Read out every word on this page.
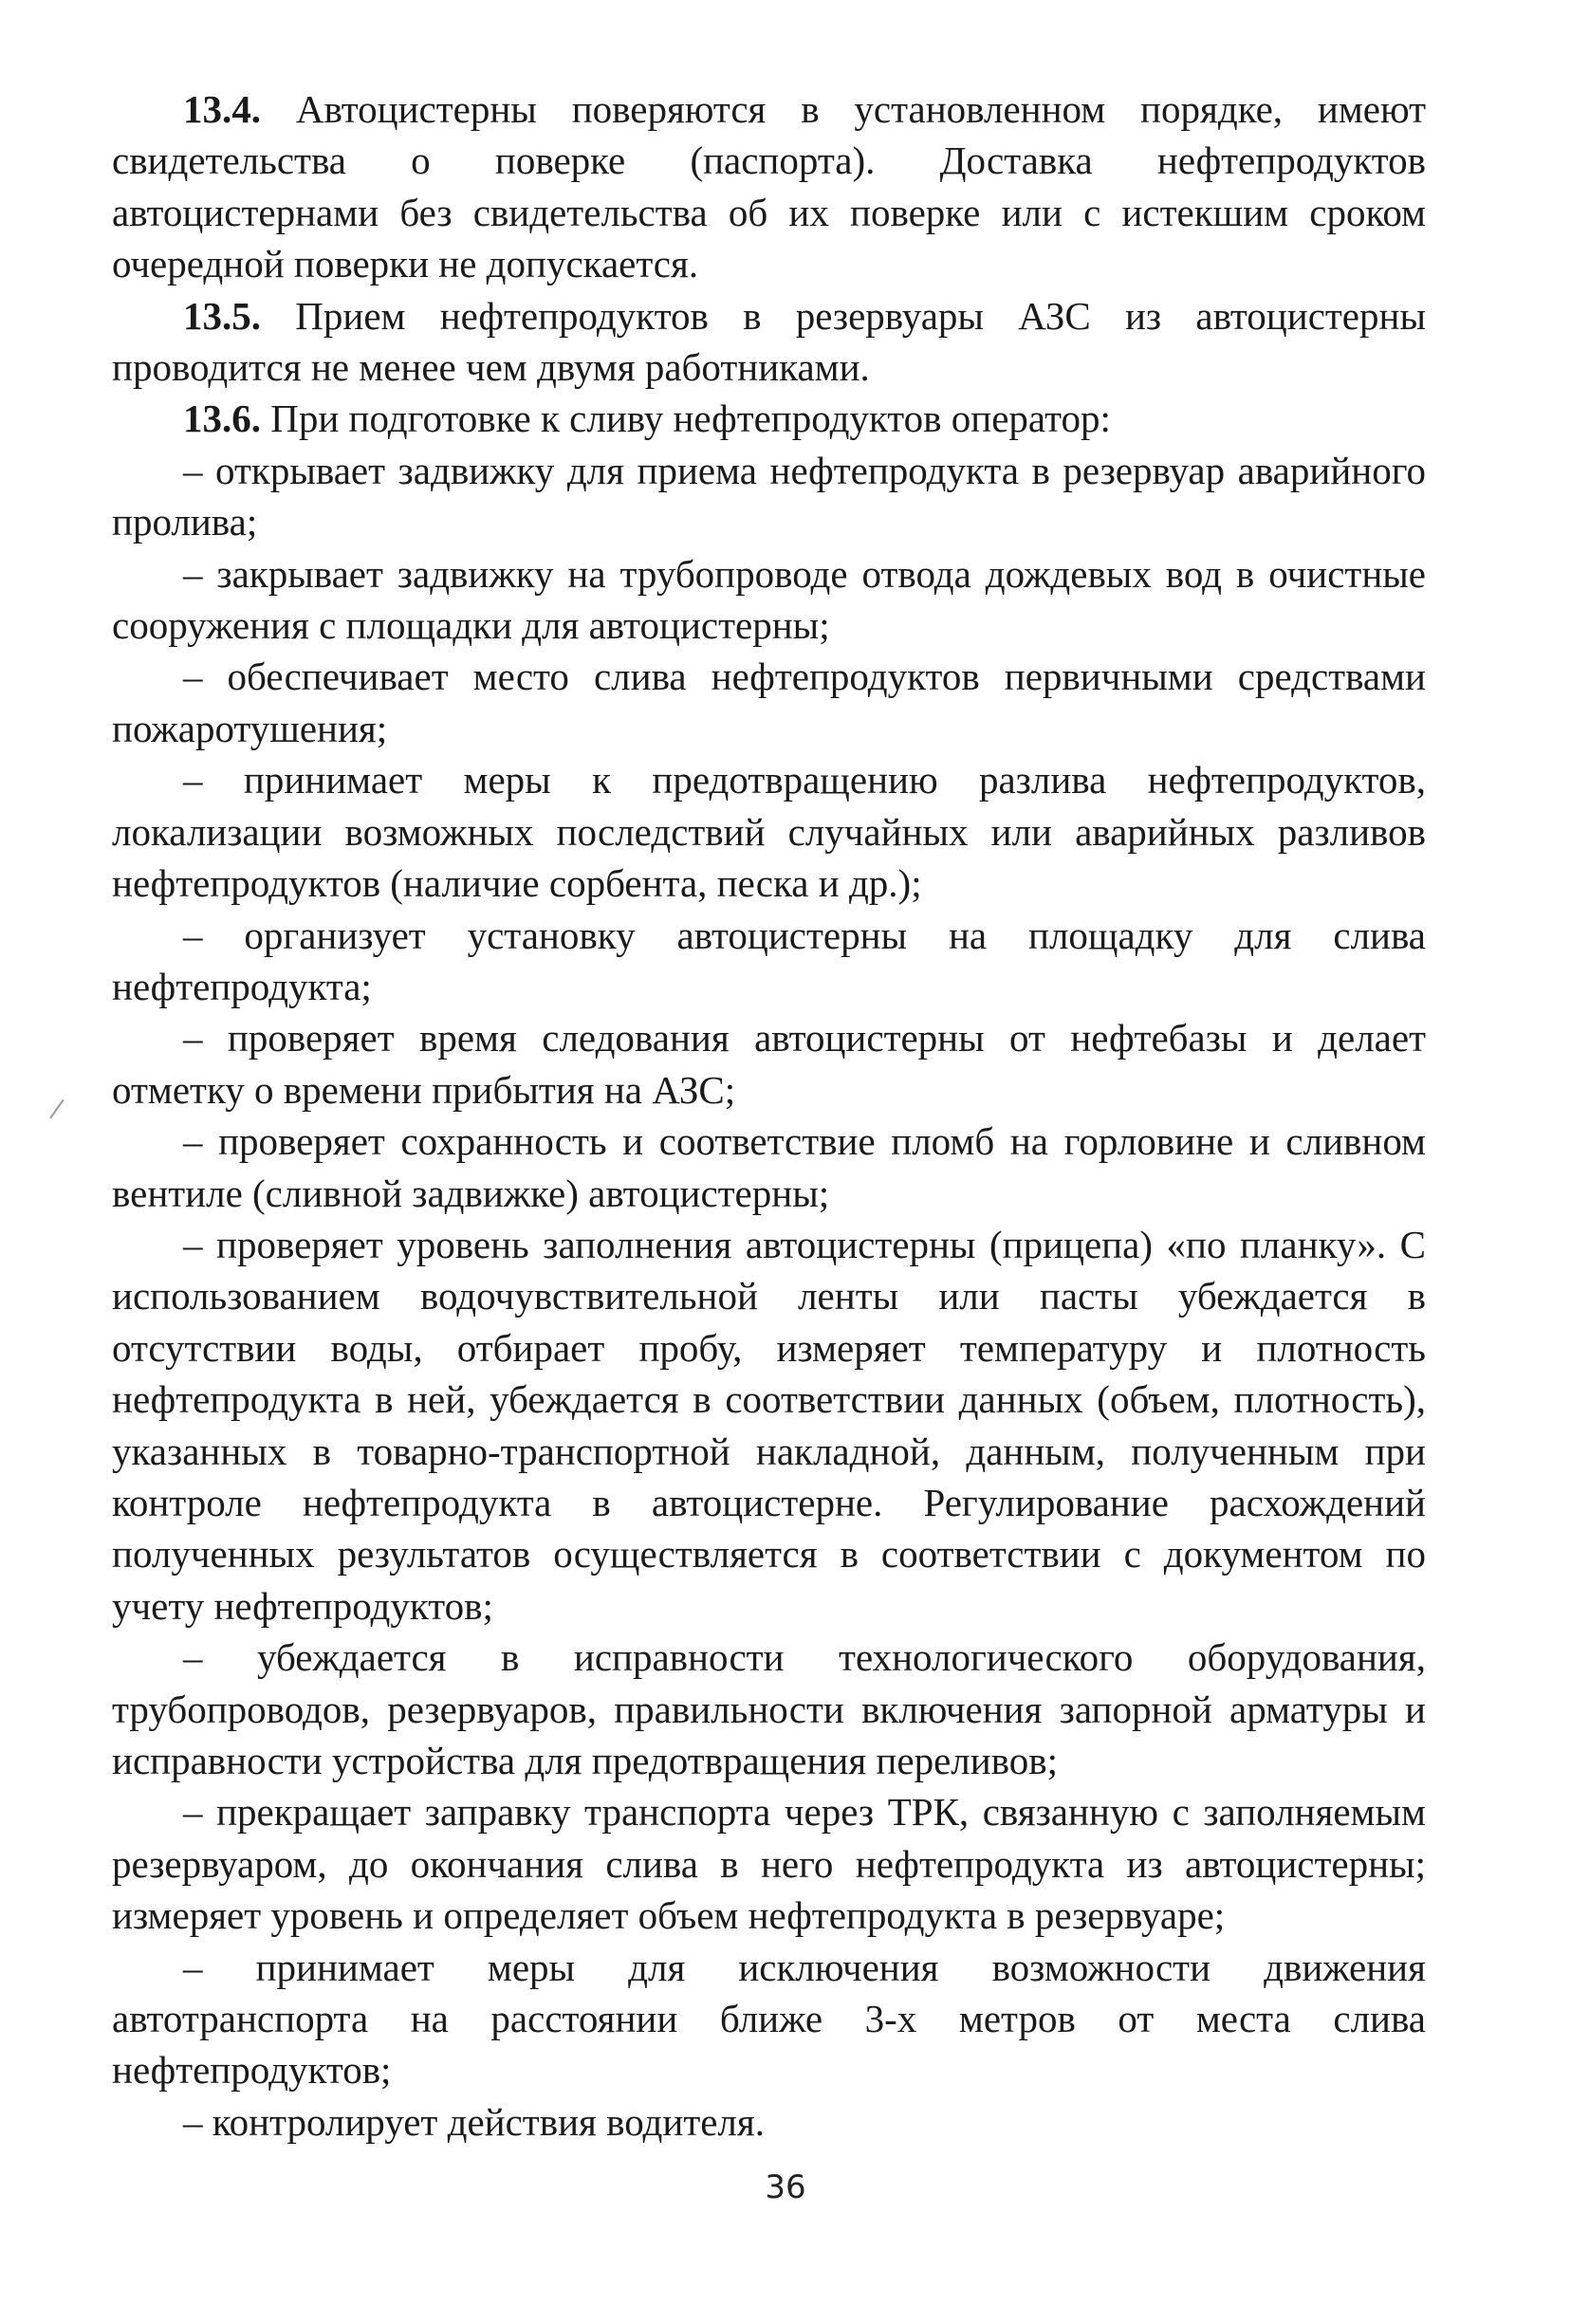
13.4. Автоцистерны поверяются в установленном порядке, имеют свидетельства о поверке (паспорта). Доставка нефтепродуктов автоцистернами без свидетельства об их поверке или с истекшим сроком очередной поверки не допускается.

13.5. Прием нефтепродуктов в резервуары АЗС из автоцистерны проводится не менее чем двумя работниками.

13.6. При подготовке к сливу нефтепродуктов оператор:

– открывает задвижку для приема нефтепродукта в резервуар аварийного пролива;

– закрывает задвижку на трубопроводе отвода дождевых вод в очистные сооружения с площадки для автоцистерны;

– обеспечивает место слива нефтепродуктов первичными средствами пожаротушения;

– принимает меры к предотвращению разлива нефтепродуктов, локализации возможных последствий случайных или аварийных разливов нефтепродуктов (наличие сорбента, песка и др.);

– организует установку автоцистерны на площадку для слива нефтепродукта;

– проверяет время следования автоцистерны от нефтебазы и делает отметку о времени прибытия на АЗС;

– проверяет сохранность и соответствие пломб на горловине и сливном вентиле (сливной задвижке) автоцистерны;

– проверяет уровень заполнения автоцистерны (прицепа) «по планку». С использованием водочувствительной ленты или пасты убеждается в отсутствии воды, отбирает пробу, измеряет температуру и плотность нефтепродукта в ней, убеждается в соответствии данных (объем, плотность), указанных в товарно-транспортной накладной, данным, полученным при контроле нефтепродукта в автоцистерне. Регулирование расхождений полученных результатов осуществляется в соответствии с документом по учету нефтепродуктов;

– убеждается в исправности технологического оборудования, трубопроводов, резервуаров, правильности включения запорной арматуры и исправности устройства для предотвращения переливов;

– прекращает заправку транспорта через ТРК, связанную с заполняемым резервуаром, до окончания слива в него нефтепродукта из автоцистерны; измеряет уровень и определяет объем нефтепродукта в резервуаре;

– принимает меры для исключения возможности движения автотранспорта на расстоянии ближе 3-х метров от места слива нефтепродуктов;

– контролирует действия водителя.

36
